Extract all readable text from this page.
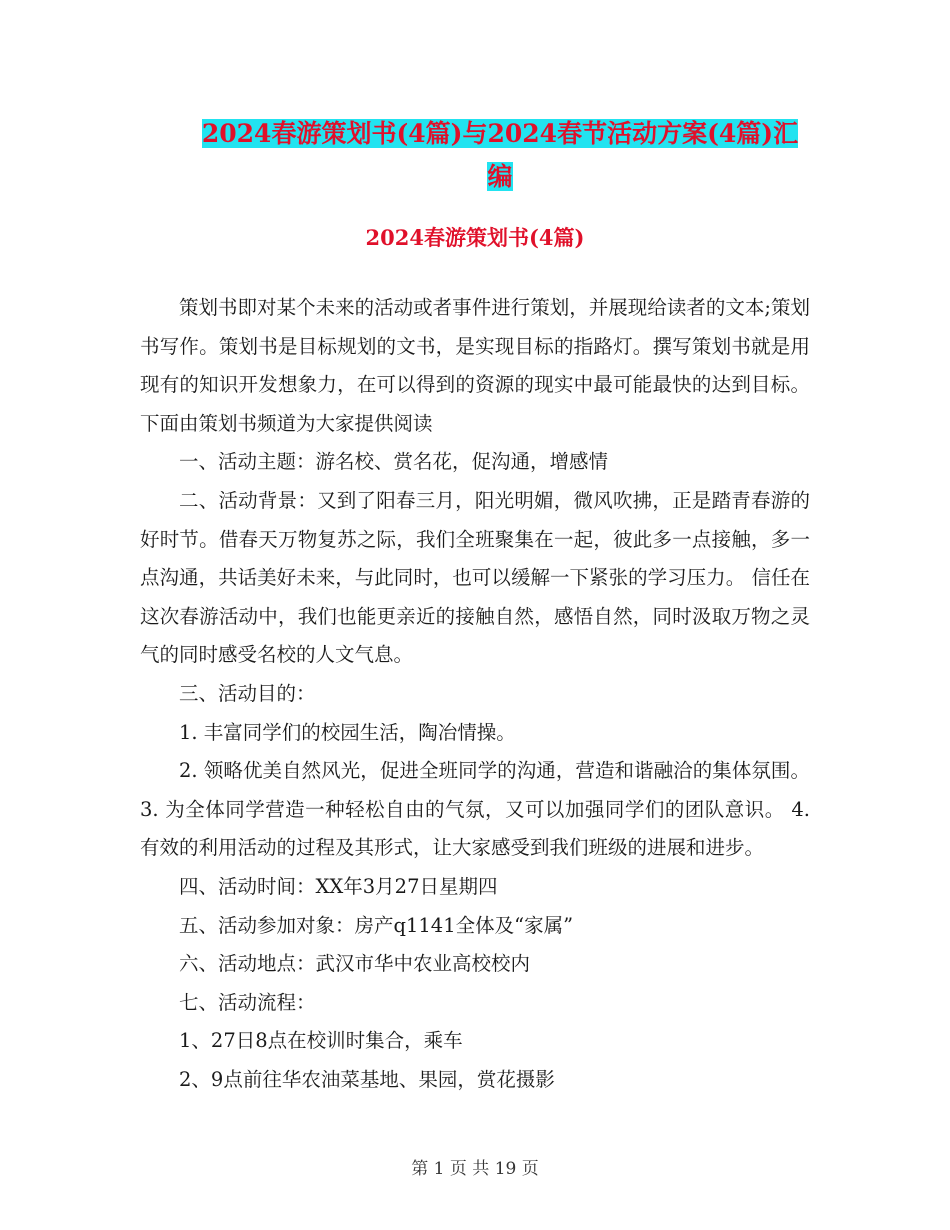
2024春游策划书(4篇)与2024春节活动方案(4篇)汇编
2024春游策划书(4篇)

策划书即对某个未来的活动或者事件进行策划，并展现给读者的文本;策划书写作。策划书是目标规划的文书，是实现目标的指路灯。撰写策划书就是用现有的知识开发想象力，在可以得到的资源的现实中最可能最快的达到目标。下面由策划书频道为大家提供阅读

一、活动主题：游名校、赏名花，促沟通，增感情

二、活动背景：又到了阳春三月，阳光明媚，微风吹拂，正是踏青春游的好时节。借春天万物复苏之际，我们全班聚集在一起，彼此多一点接触，多一点沟通，共话美好未来，与此同时，也可以缓解一下紧张的学习压力。 信任在这次春游活动中，我们也能更亲近的接触自然，感悟自然，同时汲取万物之灵气的同时感受名校的人文气息。

三、活动目的：

1. 丰富同学们的校园生活，陶冶情操。

2. 领略优美自然风光，促进全班同学的沟通，营造和谐融洽的集体氛围。 3. 为全体同学营造一种轻松自由的气氛，又可以加强同学们的团队意识。 4. 有效的利用活动的过程及其形式，让大家感受到我们班级的进展和进步。

四、活动时间：XX年3月27日星期四

五、活动参加对象：房产q1141全体及“家属”

六、活动地点：武汉市华中农业高校校内

七、活动流程：

1、27日8点在校训时集合，乘车

2、9点前往华农油菜基地、果园，赏花摄影

第 1 页 共 19 页
